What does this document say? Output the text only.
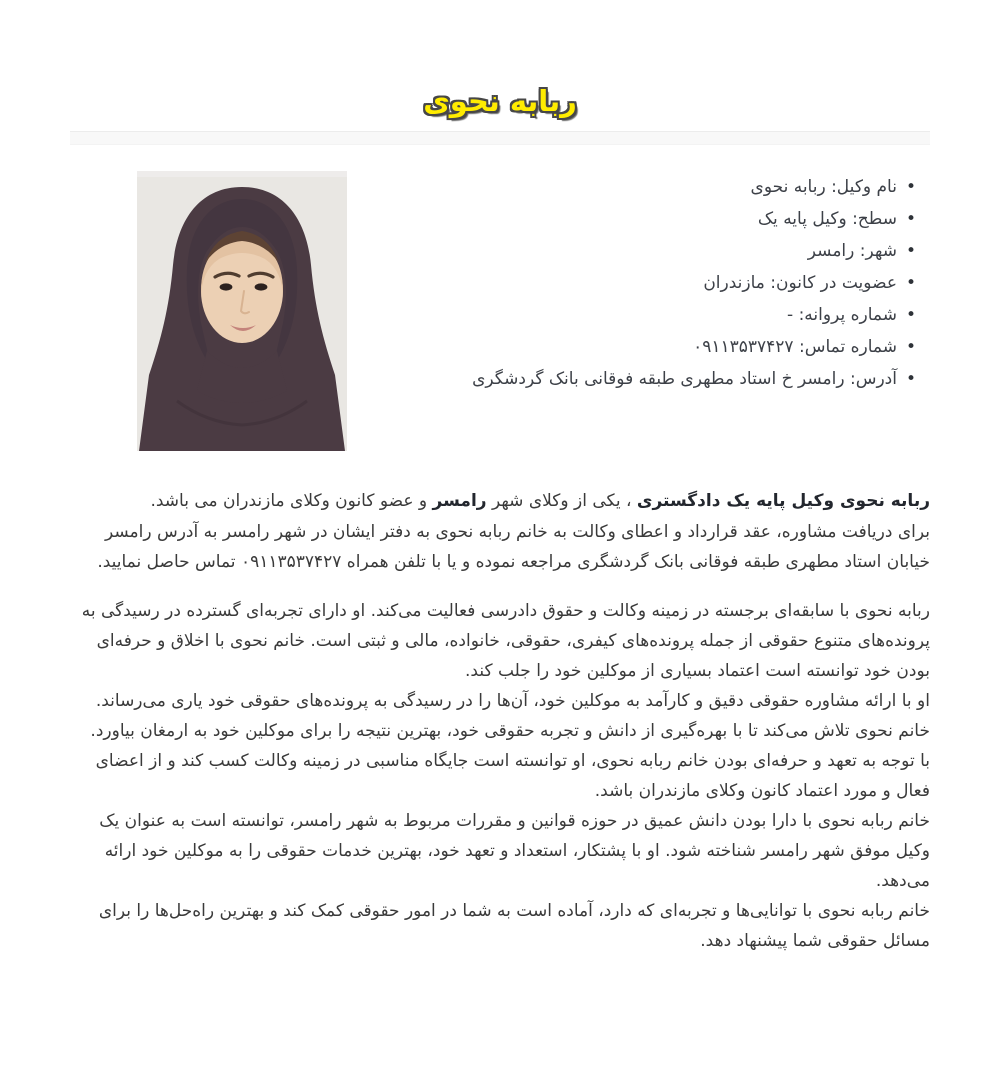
ربابه نحوی
• نام وکیل: ربابه نحوی
• سطح: وکیل پایه یک
• شهر: رامسر
• عضویت در کانون: مازندران
• شماره پروانه: -
• شماره تماس: ۰۹۱۱۳۵۳۷۴۲۷
• آدرس: رامسر خ استاد مطهری طبقه فوقانی بانک گردشگری

ربابه نحوی وکیل پایه یک دادگستری ، یکی از وکلای شهر رامسر و عضو کانون وکلای مازندران می باشد.

برای دریافت مشاوره، عقد قرارداد و اعطای وکالت به خانم ربابه نحوی به دفتر ایشان در شهر رامسر به آدرس رامسر خیابان استاد مطهری طبقه فوقانی بانک گردشگری مراجعه نموده و یا با تلفن همراه ۰۹۱۱۳۵۳۷۴۲۷ تماس حاصل نمایید.

ربابه نحوی با سابقه‌ای برجسته در زمینه وکالت و حقوق دادرسی فعالیت می‌کند. او دارای تجربه‌ای گسترده در رسیدگی به پرونده‌های متنوع حقوقی از جمله پرونده‌های کیفری، حقوقی، خانواده، مالی و ثبتی است. خانم نحوی با اخلاق و حرفه‌ای بودن خود توانسته است اعتماد بسیاری از موکلین خود را جلب کند.

او با ارائه مشاوره حقوقی دقیق و کارآمد به موکلین خود، آن‌ها را در رسیدگی به پرونده‌های حقوقی خود یاری می‌رساند. خانم نحوی تلاش می‌کند تا با بهره‌گیری از دانش و تجربه حقوقی خود، بهترین نتیجه را برای موکلین خود به ارمغان بیاورد.

با توجه به تعهد و حرفه‌ای بودن خانم ربابه نحوی، او توانسته است جایگاه مناسبی در زمینه وکالت کسب کند و از اعضای فعال و مورد اعتماد کانون وکلای مازندران باشد.

خانم ربابه نحوی با دارا بودن دانش عمیق در حوزه قوانین و مقررات مربوط به شهر رامسر، توانسته است به عنوان یک وکیل موفق شهر رامسر شناخته شود. او با پشتکار، استعداد و تعهد خود، بهترین خدمات حقوقی را به موکلین خود ارائه می‌دهد.

خانم ربابه نحوی با توانایی‌ها و تجربه‌ای که دارد، آماده است به شما در امور حقوقی کمک کند و بهترین راه‌حل‌ها را برای مسائل حقوقی شما پیشنهاد دهد.
